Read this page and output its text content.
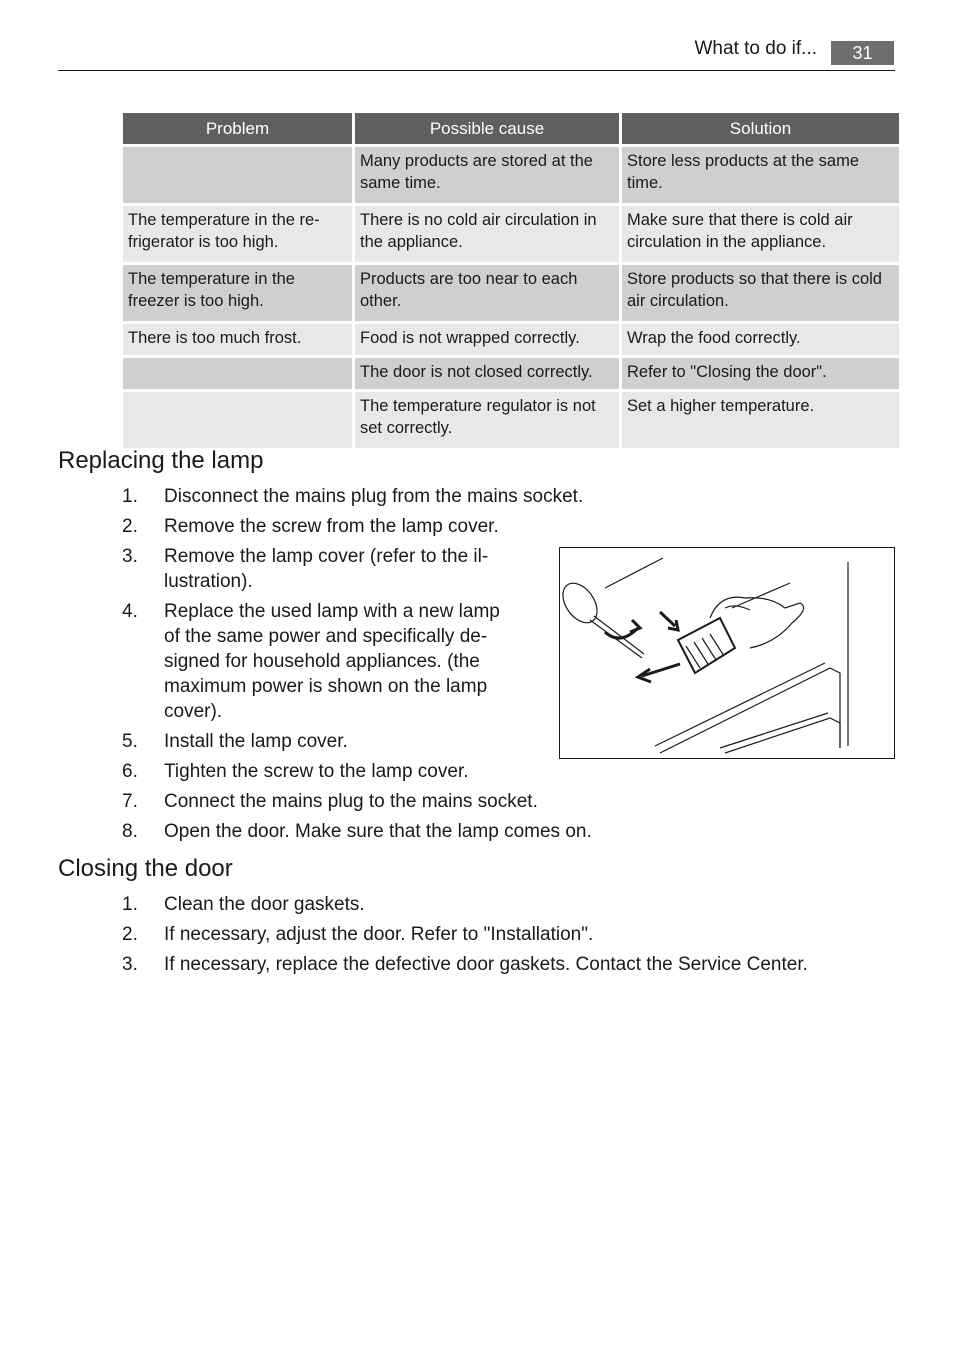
What to do if...	31
Problem	Possible cause	Solution
	Many products are stored at the same time.	Store less products at the same time.
The temperature in the re-frigerator is too high.	There is no cold air circulation in the appliance.	Make sure that there is cold air circulation in the appliance.
The temperature in the freezer is too high.	Products are too near to each other.	Store products so that there is cold air circulation.
There is too much frost.	Food is not wrapped correctly.	Wrap the food correctly.
	The door is not closed correctly.	Refer to "Closing the door".
	The temperature regulator is not set correctly.	Set a higher temperature.
Replacing the lamp
1. Disconnect the mains plug from the mains socket.
2. Remove the screw from the lamp cover.
3. Remove the lamp cover (refer to the il-lustration).
4. Replace the used lamp with a new lamp of the same power and specifically de-signed for household appliances. (the maximum power is shown on the lamp cover).
5. Install the lamp cover.
6. Tighten the screw to the lamp cover.
7. Connect the mains plug to the mains socket.
8. Open the door. Make sure that the lamp comes on.
Closing the door
1. Clean the door gaskets.
2. If necessary, adjust the door. Refer to "Installation".
3. If necessary, replace the defective door gaskets. Contact the Service Center.
